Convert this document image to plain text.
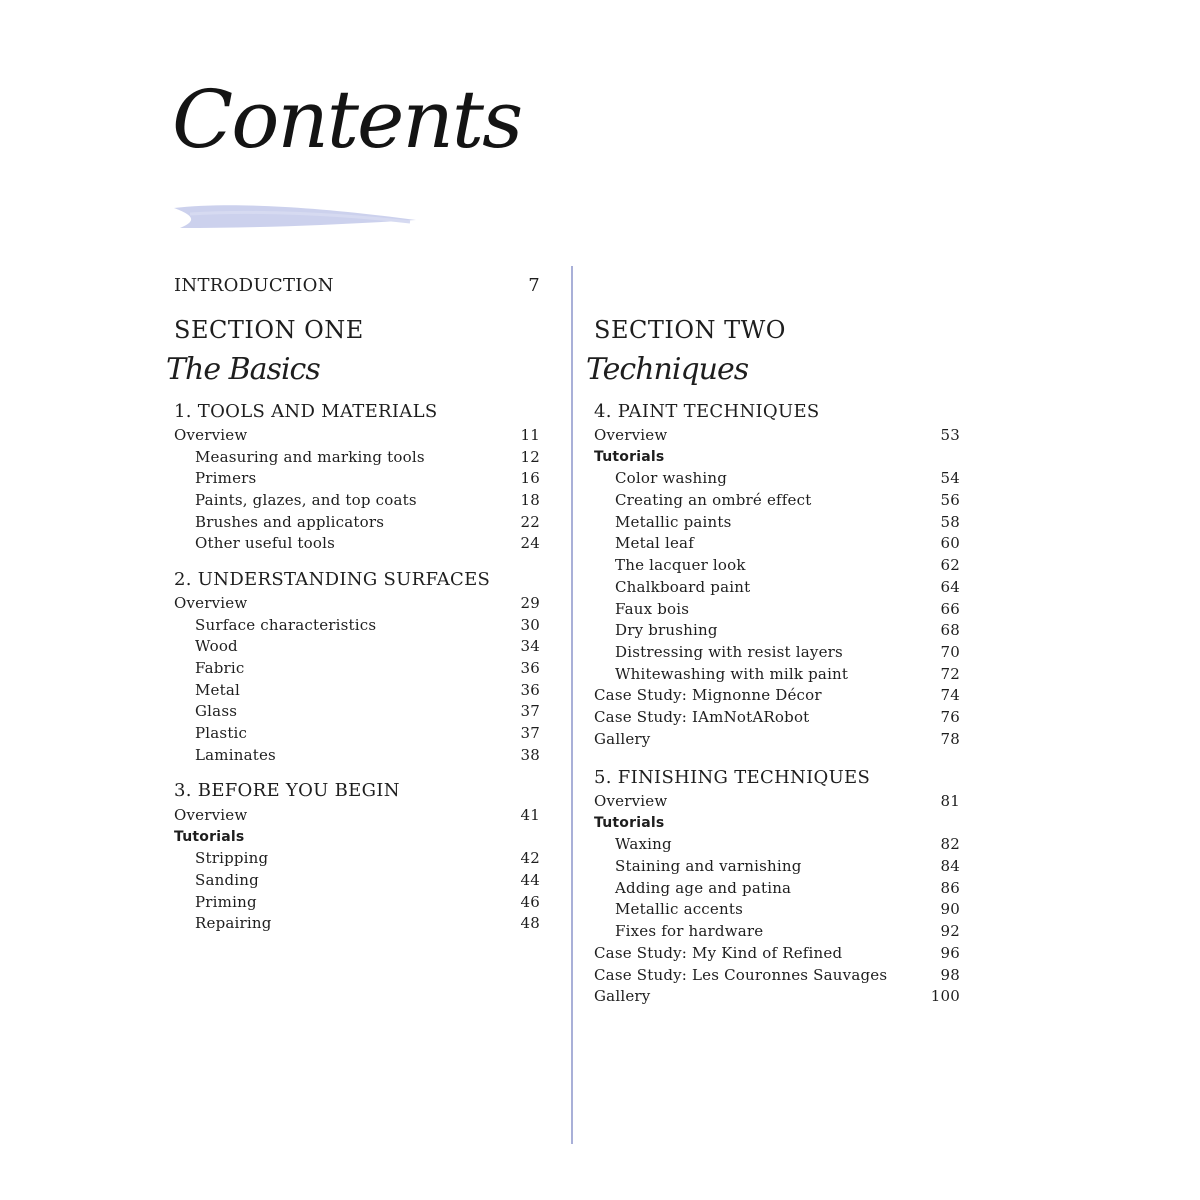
Contents
INTRODUCTION	7
SECTION ONE
The Basics
1. TOOLS AND MATERIALS
Overview	11
Measuring and marking tools	12
Primers	16
Paints, glazes, and top coats	18
Brushes and applicators	22
Other useful tools	24
2. UNDERSTANDING SURFACES
Overview	29
Surface characteristics	30
Wood	34
Fabric	36
Metal	36
Glass	37
Plastic	37
Laminates	38
3. BEFORE YOU BEGIN
Overview	41
Tutorials
Stripping	42
Sanding	44
Priming	46
Repairing	48
SECTION TWO
Techniques
4. PAINT TECHNIQUES
Overview	53
Tutorials
Color washing	54
Creating an ombré effect	56
Metallic paints	58
Metal leaf	60
The lacquer look	62
Chalkboard paint	64
Faux bois	66
Dry brushing	68
Distressing with resist layers	70
Whitewashing with milk paint	72
Case Study: Mignonne Décor	74
Case Study: IAmNotARobot	76
Gallery	78
5. FINISHING TECHNIQUES
Overview	81
Tutorials
Waxing	82
Staining and varnishing	84
Adding age and patina	86
Metallic accents	90
Fixes for hardware	92
Case Study: My Kind of Refined	96
Case Study: Les Couronnes Sauvages	98
Gallery	100
